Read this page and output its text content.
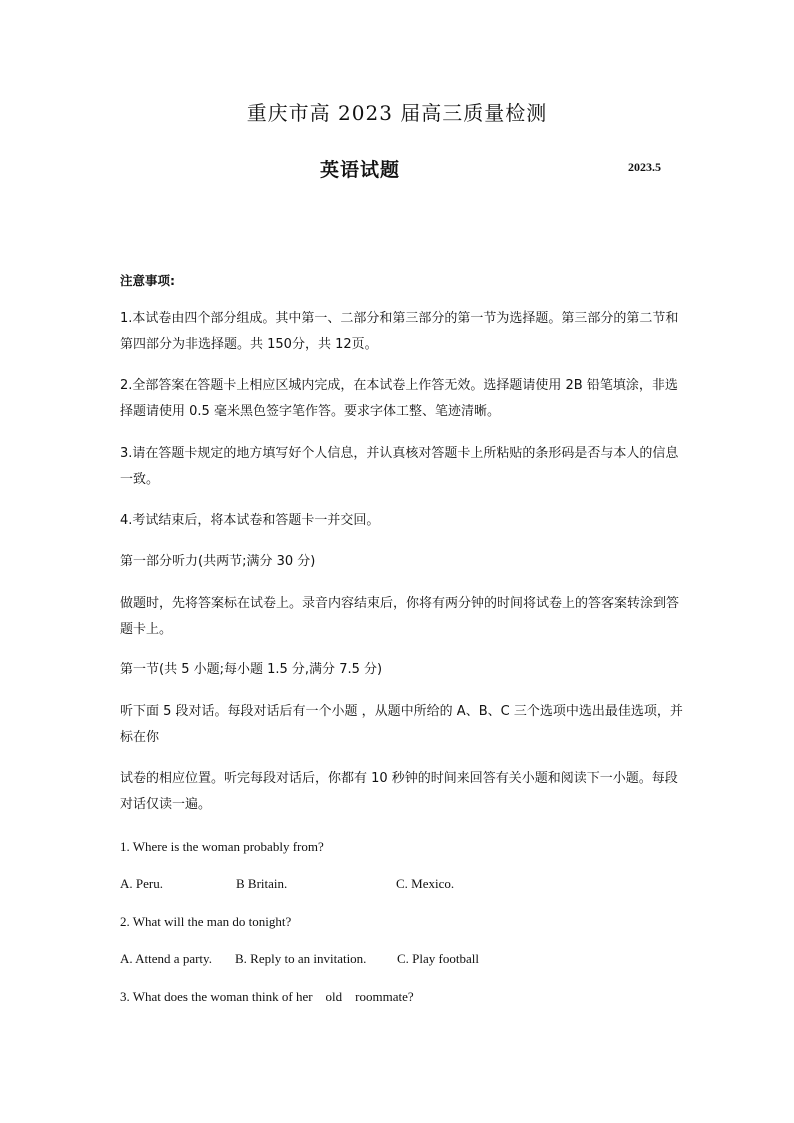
重庆市高 2023 届高三质量检测
英语试题	2023.5
注意事项:
1.本试卷由四个部分组成。其中第一、二部分和第三部分的第一节为选择题。第三部分的第二节和第四部分为非选择题。共 150分，共 12页。
2.全部答案在答题卡上相应区城内完成，在本试卷上作答无效。选择题请使用 2B 铅笔填涂，非选择题请使用 0.5 毫米黑色签字笔作答。要求字体工整、笔迹清晰。
3.请在答题卡规定的地方填写好个人信息，并认真核对答题卡上所粘贴的条形码是否与本人的信息一致。
4.考试结束后，将本试卷和答题卡一并交回。
第一部分听力(共两节;满分 30 分)
做题时，先将答案标在试卷上。录音内容结束后，你将有两分钟的时间将试卷上的答客案转涂到答题卡上。
第一节(共 5 小题;每小题 1.5 分,满分 7.5 分)
听下面 5 段对话。每段对话后有一个小题 ，从题中所给的 A、B、C 三个选项中选出最佳选项，并标在你
试卷的相应位置。听完每段对话后，你都有 10 秒钟的时间来回答有关小题和阅读下一小题。每段对话仅读一遍。
1. Where is the woman probably from?
A. Peru.	B Britain.	C. Mexico.
2. What will the man do tonight?
A. Attend a party. B. Reply to an invitation. C. Play football
3. What does the woman think of her    old    roommate?
